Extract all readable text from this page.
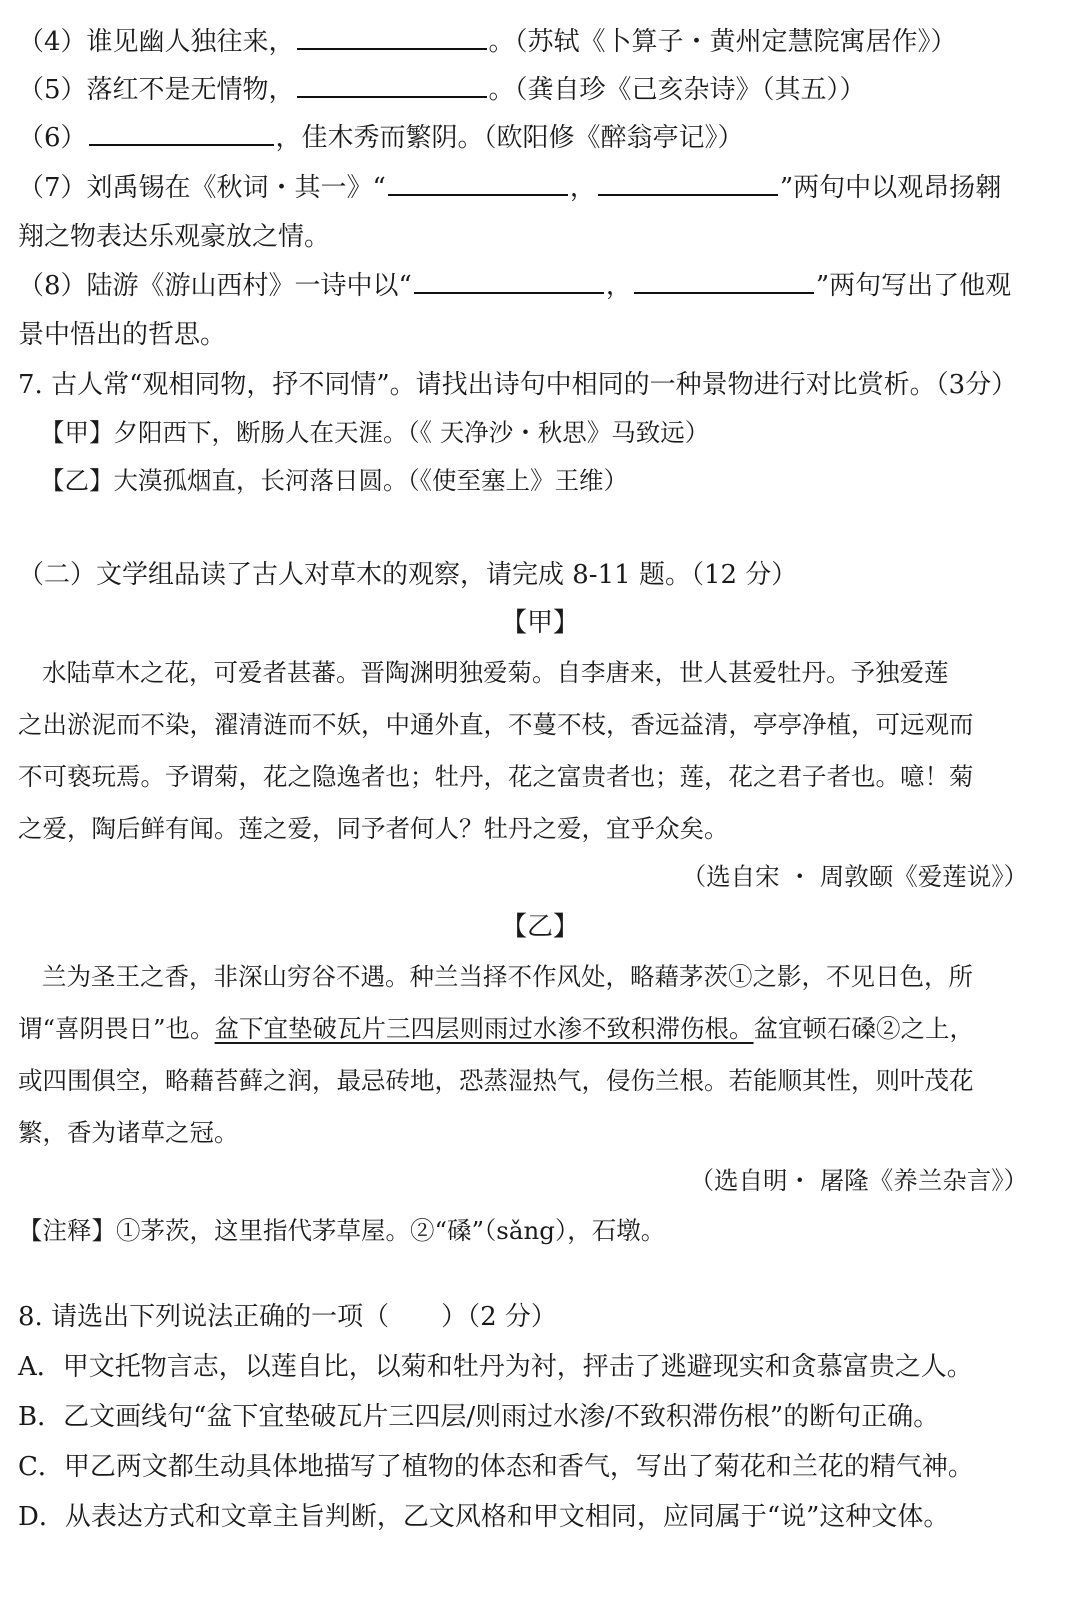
（4）谁见幽人独往来，	。（苏轼《卜算子・黄州定慧院寓居作》）
（5）落红不是无情物，	。（龚自珍《己亥杂诗》（其五））
（6）	，佳木秀而繁阴。（欧阳修《醉翁亭记》）
（7）刘禹锡在《秋词・其一》“	，	”两句中以观昂扬翱
翔之物表达乐观豪放之情。
（8）陆游《游山西村》一诗中以“	，	”两句写出了他观
景中悟出的哲思。
7. 古人常“观相同物，抒不同情”。请找出诗句中相同的一种景物进行对比赏析。（3分）
【甲】夕阳西下，断肠人在天涯。（《 天净沙・秋思》马致远）
【乙】大漠孤烟直，长河落日圆。（《使至塞上》王维）
（二）文学组品读了古人对草木的观察，请完成 8-11 题。（12 分）
【甲】
水陆草木之花，可爱者甚蕃。晋陶渊明独爱菊。自李唐来，世人甚爱牡丹。予独爱莲
之出淤泥而不染，濯清涟而不妖，中通外直，不蔓不枝，香远益清，亭亭净植，可远观而
不可亵玩焉。予谓菊，花之隐逸者也；牡丹，花之富贵者也；莲，花之君子者也。噫！菊
之爱，陶后鲜有闻。莲之爱，同予者何人？牡丹之爱，宜乎众矣。
（选自宋 ・ 周敦颐《爱莲说》）
【乙】
兰为圣王之香，非深山穷谷不遇。种兰当择不作风处，略藉茅茨①之影，不见日色，所
谓“喜阴畏日”也。盆下宜垫破瓦片三四层则雨过水渗不致积滞伤根。盆宜顿石磉②之上，
或四围俱空，略藉苔藓之润，最忌砖地，恐蒸湿热气，侵伤兰根。若能顺其性，则叶茂花
繁，香为诸草之冠。
（选自明・ 屠隆《养兰杂言》）
【注释】①茅茨，这里指代茅草屋。②“磉”（sǎng），石墩。
8. 请选出下列说法正确的一项（　　）（2 分）
A．甲文托物言志，以莲自比，以菊和牡丹为衬，抨击了逃避现实和贪慕富贵之人。
B．乙文画线句“盆下宜垫破瓦片三四层/则雨过水渗/不致积滞伤根”的断句正确。
C．甲乙两文都生动具体地描写了植物的体态和香气，写出了菊花和兰花的精气神。
D．从表达方式和文章主旨判断，乙文风格和甲文相同，应同属于“说”这种文体。
